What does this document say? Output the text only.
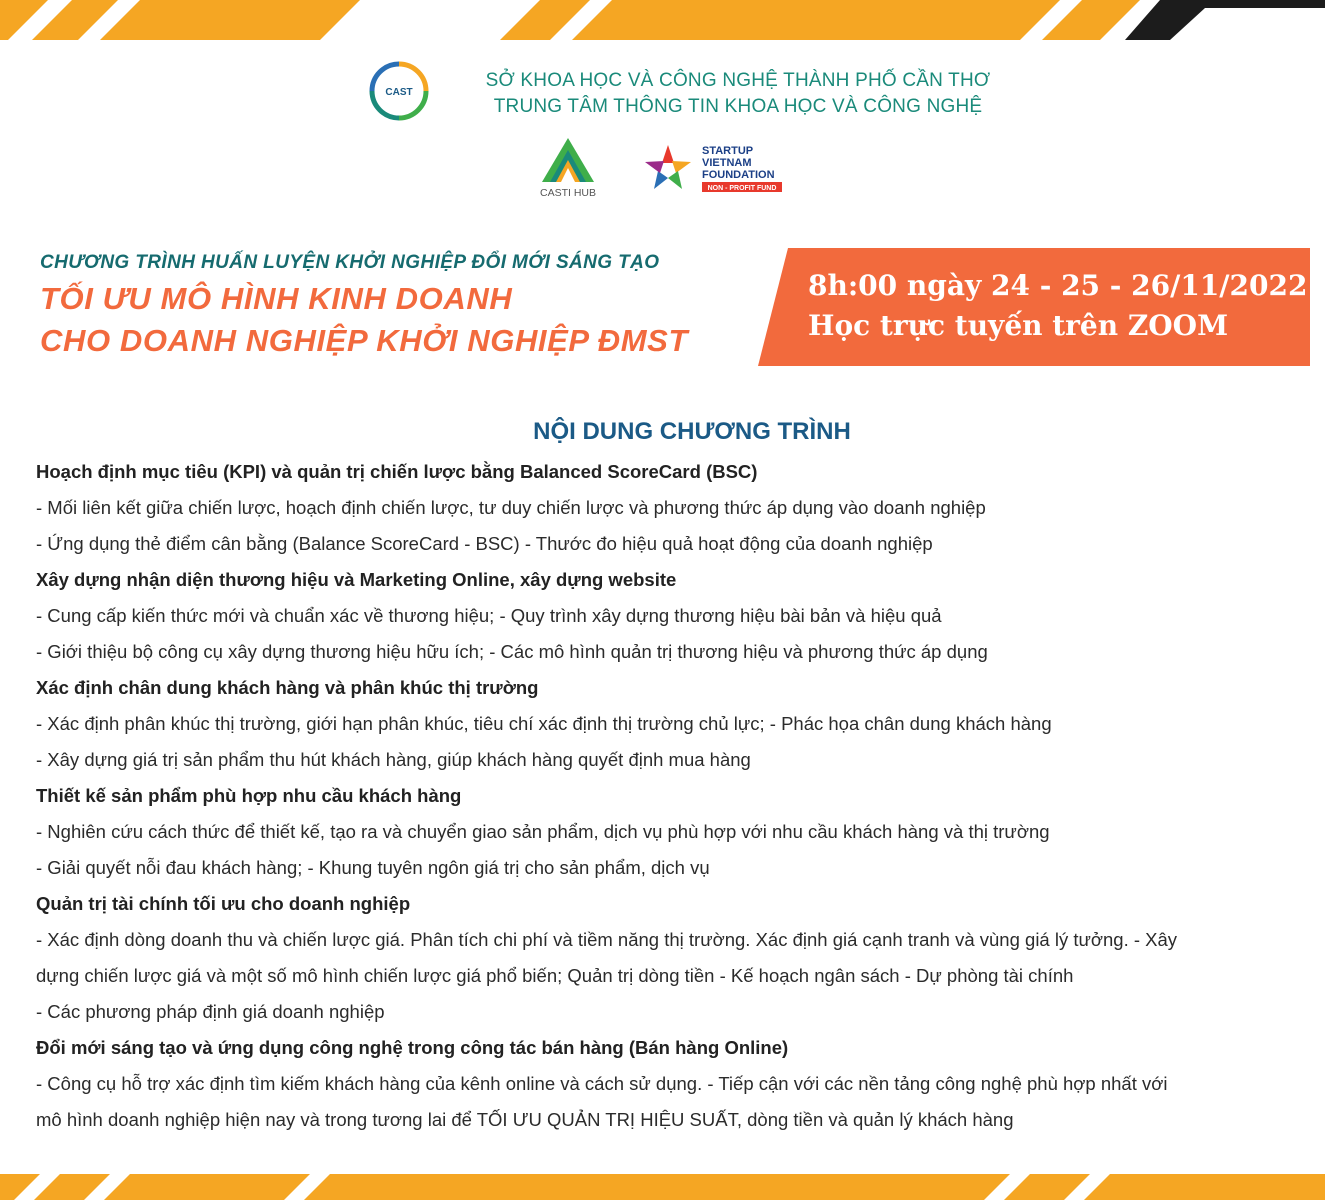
CAST
SỞ KHOA HỌC VÀ CÔNG NGHỆ THÀNH PHỐ CẦN THƠ
TRUNG TÂM THÔNG TIN KHOA HỌC VÀ CÔNG NGHỆ
CASTI HUB
STARTUP
VIETNAM
FOUNDATION
NON - PROFIT FUND
CHƯƠNG TRÌNH HUẤN LUYỆN KHỞI NGHIỆP ĐỔI MỚI SÁNG TẠO
TỐI ƯU MÔ HÌNH KINH DOANH
CHO DOANH NGHIỆP KHỞI NGHIỆP ĐMST
8h:00 ngày 24 - 25 - 26/11/2022
Học trực tuyến trên ZOOM
NỘI DUNG CHƯƠNG TRÌNH
Hoạch định mục tiêu (KPI) và quản trị chiến lược bằng Balanced ScoreCard (BSC)
- Mối liên kết giữa chiến lược, hoạch định chiến lược, tư duy chiến lược và phương thức áp dụng vào doanh nghiệp
- Ứng dụng thẻ điểm cân bằng (Balance ScoreCard - BSC) - Thước đo hiệu quả hoạt động của doanh nghiệp
Xây dựng nhận diện thương hiệu và Marketing Online, xây dựng website
- Cung cấp kiến thức mới và chuẩn xác về thương hiệu; - Quy trình xây dựng thương hiệu bài bản và hiệu quả
- Giới thiệu bộ công cụ xây dựng thương hiệu hữu ích; - Các mô hình quản trị thương hiệu và phương thức áp dụng
Xác định chân dung khách hàng và phân khúc thị trường
- Xác định phân khúc thị trường, giới hạn phân khúc, tiêu chí xác định thị trường chủ lực; - Phác họa chân dung khách hàng
- Xây dựng giá trị sản phẩm thu hút khách hàng, giúp khách hàng quyết định mua hàng
Thiết kế sản phẩm phù hợp nhu cầu khách hàng
- Nghiên cứu cách thức để thiết kế, tạo ra và chuyển giao sản phẩm, dịch vụ phù hợp với nhu cầu khách hàng và thị trường
- Giải quyết nỗi đau khách hàng; - Khung tuyên ngôn giá trị cho sản phẩm, dịch vụ
Quản trị tài chính tối ưu cho doanh nghiệp
- Xác định dòng doanh thu và chiến lược giá. Phân tích chi phí và tiềm năng thị trường. Xác định giá cạnh tranh và vùng giá lý tưởng. - Xây
dựng chiến lược giá và một số mô hình chiến lược giá phổ biến; Quản trị dòng tiền - Kế hoạch ngân sách - Dự phòng tài chính
- Các phương pháp định giá doanh nghiệp
Đổi mới sáng tạo và ứng dụng công nghệ trong công tác bán hàng (Bán hàng Online)
- Công cụ hỗ trợ xác định tìm kiếm khách hàng của kênh online và cách sử dụng. - Tiếp cận với các nền tảng công nghệ phù hợp nhất với
mô hình doanh nghiệp hiện nay và trong tương lai để TỐI ƯU QUẢN TRỊ HIỆU SUẤT, dòng tiền và quản lý khách hàng
